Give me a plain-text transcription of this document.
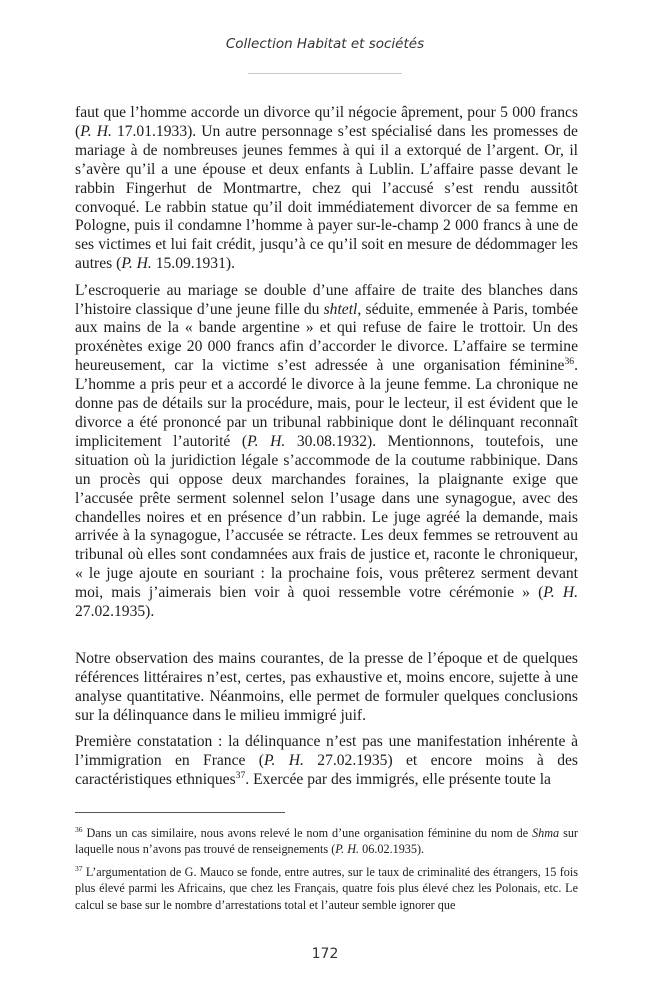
Collection Habitat et sociétés

faut que l’homme accorde un divorce qu’il négocie âprement, pour 5 000 francs (P. H. 17.01.1933). Un autre personnage s’est spécialisé dans les promesses de mariage à de nombreuses jeunes femmes à qui il a extorqué de l’argent. Or, il s’avère qu’il a une épouse et deux enfants à Lublin. L’affaire passe devant le rabbin Fingerhut de Montmartre, chez qui l’accusé s’est rendu aussitôt convoqué. Le rabbin statue qu’il doit immédiatement divorcer de sa femme en Pologne, puis il condamne l’homme à payer sur-le-champ 2 000 francs à une de ses victimes et lui fait crédit, jusqu’à ce qu’il soit en mesure de dédommager les autres (P. H. 15.09.1931).

L’escroquerie au mariage se double d’une affaire de traite des blanches dans l’histoire classique d’une jeune fille du shtetl, séduite, emmenée à Paris, tombée aux mains de la « bande argentine » et qui refuse de faire le trottoir. Un des proxénètes exige 20 000 francs afin d’accorder le divorce. L’affaire se termine heureusement, car la victime s’est adressée à une organisation féminine$^{36}$. L’homme a pris peur et a accordé le divorce à la jeune femme. La chronique ne donne pas de détails sur la procédure, mais, pour le lecteur, il est évident que le divorce a été prononcé par un tribunal rabbinique dont le délinquant reconnaît implicitement l’autorité (P. H. 30.08.1932). Mentionnons, toutefois, une situation où la juridiction légale s’accommode de la coutume rabbinique. Dans un procès qui oppose deux marchandes foraines, la plaignante exige que l’accusée prête serment solennel selon l’usage dans une synagogue, avec des chandelles noires et en présence d’un rabbin. Le juge agréé la demande, mais arrivée à la synagogue, l’accusée se rétracte. Les deux femmes se retrouvent au tribunal où elles sont condamnées aux frais de justice et, raconte le chroniqueur, « le juge ajoute en souriant : la prochaine fois, vous prêterez serment devant moi, mais j’aimerais bien voir à quoi ressemble votre cérémonie » (P. H. 27.02.1935).

Notre observation des mains courantes, de la presse de l’époque et de quelques références littéraires n’est, certes, pas exhaustive et, moins encore, sujette à une analyse quantitative. Néanmoins, elle permet de formuler quelques conclusions sur la délinquance dans le milieu immigré juif.

Première constatation : la délinquance n’est pas une manifestation inhérente à l’immigration en France (P. H. 27.02.1935) et encore moins à des caractéristiques ethniques$^{37}$. Exercée par des immigrés, elle présente toute la

$^{36}$ Dans un cas similaire, nous avons relevé le nom d’une organisation féminine du nom de Shma sur laquelle nous n’avons pas trouvé de renseignements (P. H. 06.02.1935).

$^{37}$ L’argumentation de G. Mauco se fonde, entre autres, sur le taux de criminalité des étrangers, 15 fois plus élevé parmi les Africains, que chez les Français, quatre fois plus élevé chez les Polonais, etc. Le calcul se base sur le nombre d’arrestations total et l’auteur semble ignorer que

172
